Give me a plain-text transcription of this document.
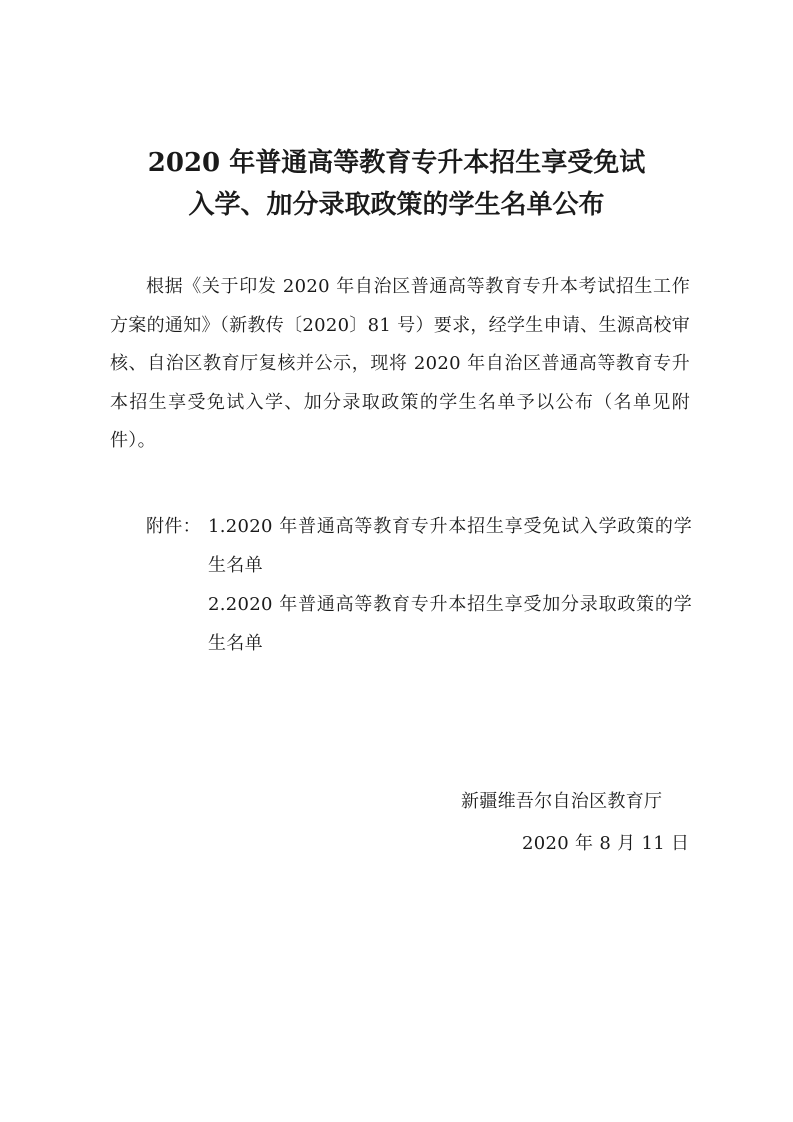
2020 年普通高等教育专升本招生享受免试
入学、加分录取政策的学生名单公布
根据《关于印发 2020 年自治区普通高等教育专升本考试招生工作方案的通知》（新教传〔2020〕81 号）要求，经学生申请、生源高校审核、自治区教育厅复核并公示，现将 2020 年自治区普通高等教育专升本招生享受免试入学、加分录取政策的学生名单予以公布（名单见附件）。
附件： 1.2020 年普通高等教育专升本招生享受免试入学政策的学生名单
2.2020 年普通高等教育专升本招生享受加分录取政策的学生名单
新疆维吾尔自治区教育厅
2020 年 8 月 11 日
